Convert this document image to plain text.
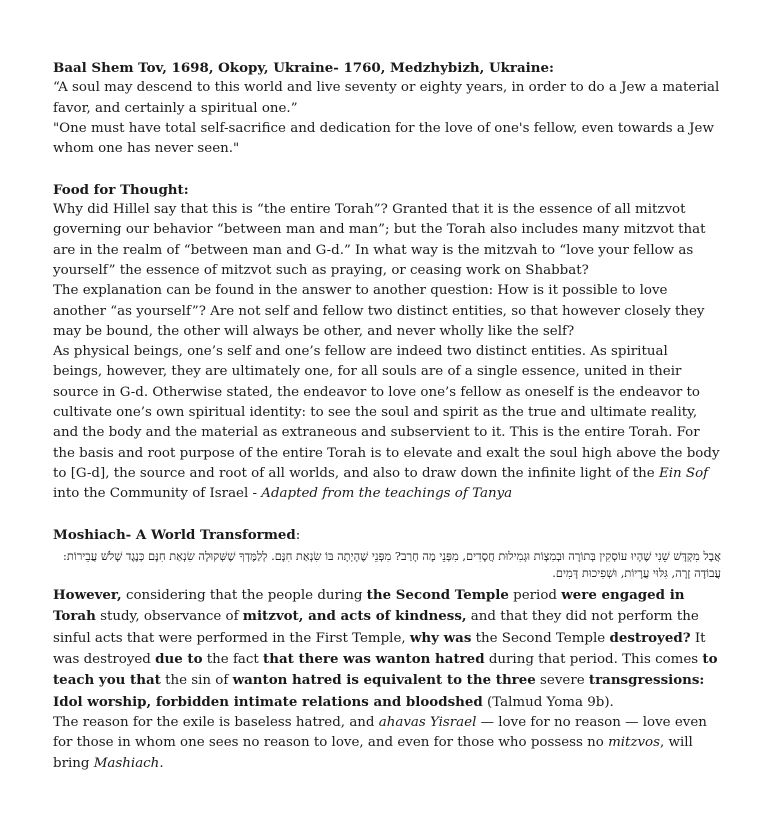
Baal Shem Tov, 1698, Okopy, Ukraine- 1760, Medzhybizh, Ukraine:

“A soul may descend to this world and live seventy or eighty years, in order to do a Jew a material favor, and certainly a spiritual one.”

"One must have total self-sacrifice and dedication for the love of one's fellow, even towards a Jew whom one has never seen."

Food for Thought:

Why did Hillel say that this is “the entire Torah”? Granted that it is the essence of all mitzvot governing our behavior “between man and man”; but the Torah also includes many mitzvot that are in the realm of “between man and G-d.” In what way is the mitzvah to “love your fellow as yourself” the essence of mitzvot such as praying, or ceasing work on Shabbat?

The explanation can be found in the answer to another question: How is it possible to love another “as yourself”? Are not self and fellow two distinct entities, so that however closely they may be bound, the other will always be other, and never wholly like the self?

As physical beings, one’s self and one’s fellow are indeed two distinct entities. As spiritual beings, however, they are ultimately one, for all souls are of a single essence, united in their source in G-d. Otherwise stated, the endeavor to love one’s fellow as oneself is the endeavor to cultivate one’s own spiritual identity: to see the soul and spirit as the true and ultimate reality, and the body and the material as extraneous and subservient to it. This is the entire Torah. For the basis and root purpose of the entire Torah is to elevate and exalt the soul high above the body to [G-d], the source and root of all worlds, and also to draw down the infinite light of the Ein Sof into the Community of Israel - Adapted from the teachings of Tanya

Moshiach- A World Transformed:

אֲבָל מִקְדָּשׁ שֵׁנִי שֶׁהָיוּ עוֹסְקִין בְּתוֹרָה וּבְמִצְוֹת וּגְמִילוּת חֲסָדִים, מִפְּנֵי מָה חָרַב? מִפְּנֵי שֶׁהָיְתָה בּוֹ שִׂנְאַת חִנָּם. לְלַמֶּדְךָ שֶׁשְּׁקוּלָה שִׂנְאַת חִנָּם כְּנֶגֶד שָׁלֹשׁ עֲבֵירוֹת: עֲבוֹדָה זָרָה, גִּלּוּי עֲרָיוֹת, וּשְׁפִיכוּת דָּמִים.

However, considering that the people during the Second Temple period were engaged in Torah study, observance of mitzvot, and acts of kindness, and that they did not perform the sinful acts that were performed in the First Temple, why was the Second Temple destroyed? It was destroyed due to the fact that there was wanton hatred during that period. This comes to teach you that the sin of wanton hatred is equivalent to the three severe transgressions: Idol worship, forbidden intimate relations and bloodshed (Talmud Yoma 9b).

The reason for the exile is baseless hatred, and ahavas Yisrael — love for no reason — love even for those in whom one sees no reason to love, and even for those who possess no mitzvos, will bring Mashiach.
